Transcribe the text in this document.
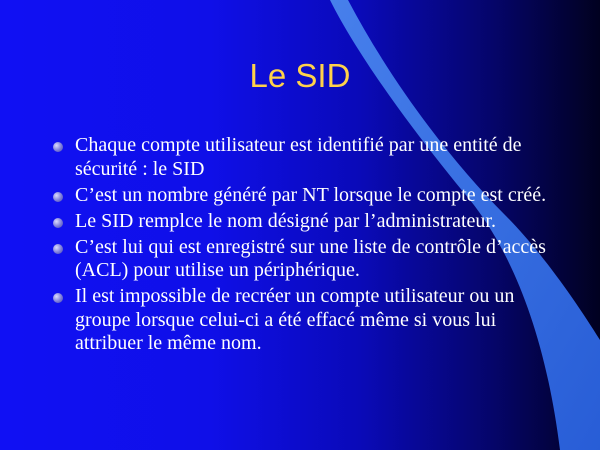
Le SID
Chaque compte utilisateur est identifié par une entité de sécurité : le SID
C’est un nombre généré par NT lorsque le compte est créé.
Le SID remplce le nom désigné par l’administrateur.
C’est lui qui est enregistré sur une liste de contrôle d’accès (ACL) pour utilise un périphérique.
Il est impossible de recréer un compte utilisateur ou un groupe lorsque celui-ci a été effacé même si vous lui attribuer le même nom.
